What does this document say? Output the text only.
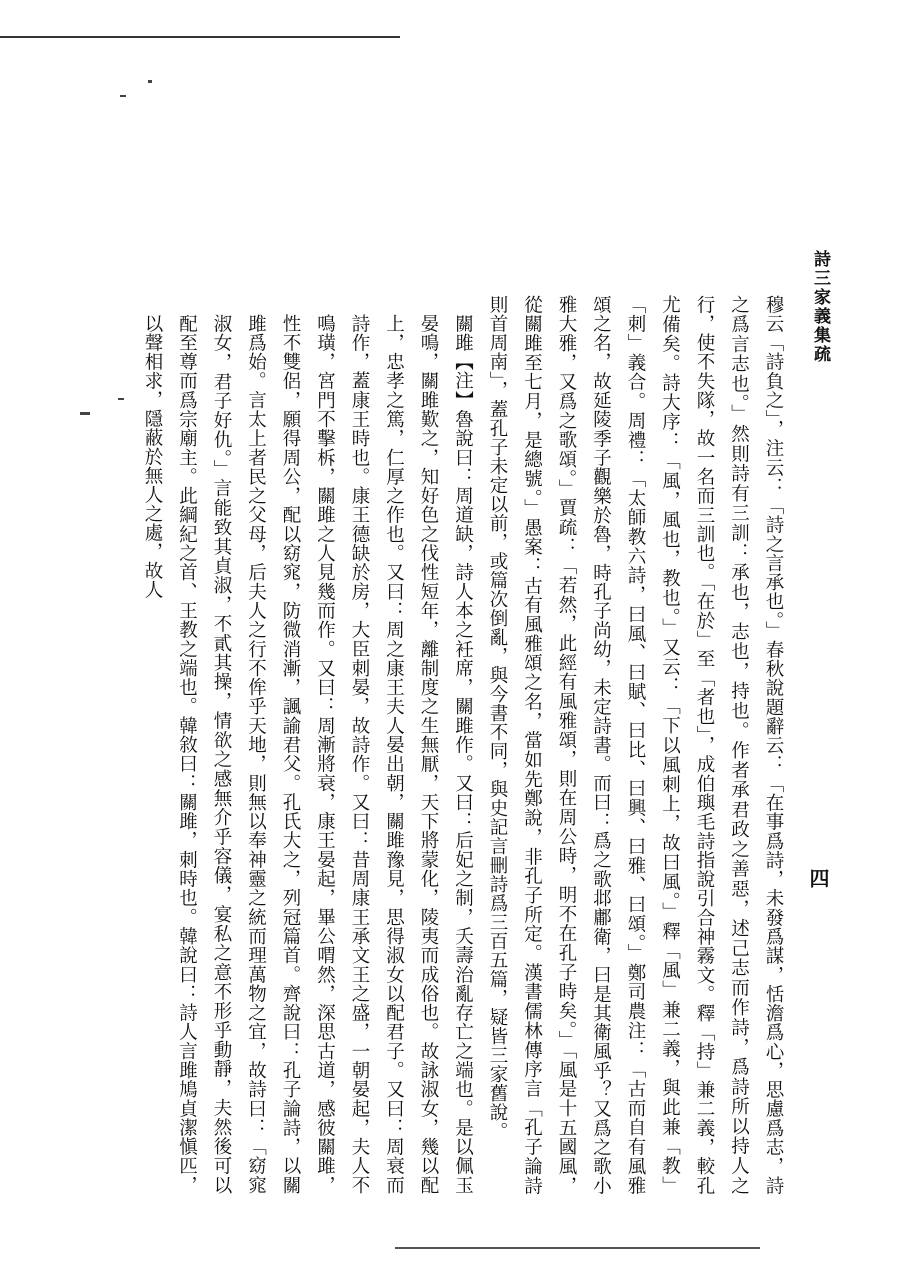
詩三家義集疏
四

穆云「詩負之」，注云：「詩之言承也。」春秋說題辭云：「在事爲詩，未發爲謀，恬澹爲心，思慮爲志，詩之爲言志也。」然則詩有三訓：承也，志也，持也。作者承君政之善惡，述己志而作詩，爲詩所以持人之行，使不失隊，故一名而三訓也。「在於」至「者也」，成伯璵毛詩指說引合神霧文。釋「持」兼二義，較孔尤備矣。詩大序：「風，風也，教也。」又云：「下以風刺上，故曰風。」釋「風」兼二義，與此兼「教」「刺」義合。周禮：「太師教六詩，曰風、曰賦、曰比、曰興、曰雅、曰頌。」鄭司農注：「古而自有風雅頌之名，故延陵季子觀樂於魯，時孔子尚幼，未定詩書。而曰：爲之歌邶鄘衛，曰是其衛風乎？又爲之歌小雅大雅，又爲之歌頌。」賈疏：「若然，此經有風雅頌，則在周公時，明不在孔子時矣。」「風是十五國風，從關雎至七月，是總號。」愚案：古有風雅頌之名，當如先鄭說，非孔子所定。漢書儒林傳序言「孔子論詩則首周南」，蓋孔子未定以前，或篇次倒亂，與今書不同，與史記言刪詩爲三百五篇，疑皆三家舊說。

關雎【注】魯說曰：周道缺，詩人本之衽席，關雎作。又曰：后妃之制，夭壽治亂存亡之端也。是以佩玉晏鳴，關雎歎之，知好色之伐性短年，離制度之生無厭，天下將蒙化，陵夷而成俗也。故詠淑女，幾以配上，忠孝之篤，仁厚之作也。又曰：周之康王夫人晏出朝，關雎豫見，思得淑女以配君子。又曰：周衰而詩作，蓋康王時也。康王德缺於房，大臣刺晏，故詩作。又曰：昔周康王承文王之盛，一朝晏起，夫人不鳴璜，宮門不擊柝，關雎之人見幾而作。又曰：周漸將衰，康王晏起，畢公喟然，深思古道，感彼關雎，性不雙侶，願得周公，配以窈窕，防微消漸，諷諭君父。孔氏大之，列冠篇首。齊說曰：孔子論詩，以關雎爲始。言太上者民之父母，后夫人之行不侔乎天地，則無以奉神靈之統而理萬物之宜，故詩曰：「窈窕淑女，君子好仇。」言能致其貞淑，不貳其操，情欲之感無介乎容儀，宴私之意不形乎動靜，夫然後可以配至尊而爲宗廟主。此綱紀之首、王教之端也。韓敘曰：關雎，刺時也。韓說曰：詩人言雎鳩貞潔愼匹，以聲相求，隱蔽於無人之處，故人
